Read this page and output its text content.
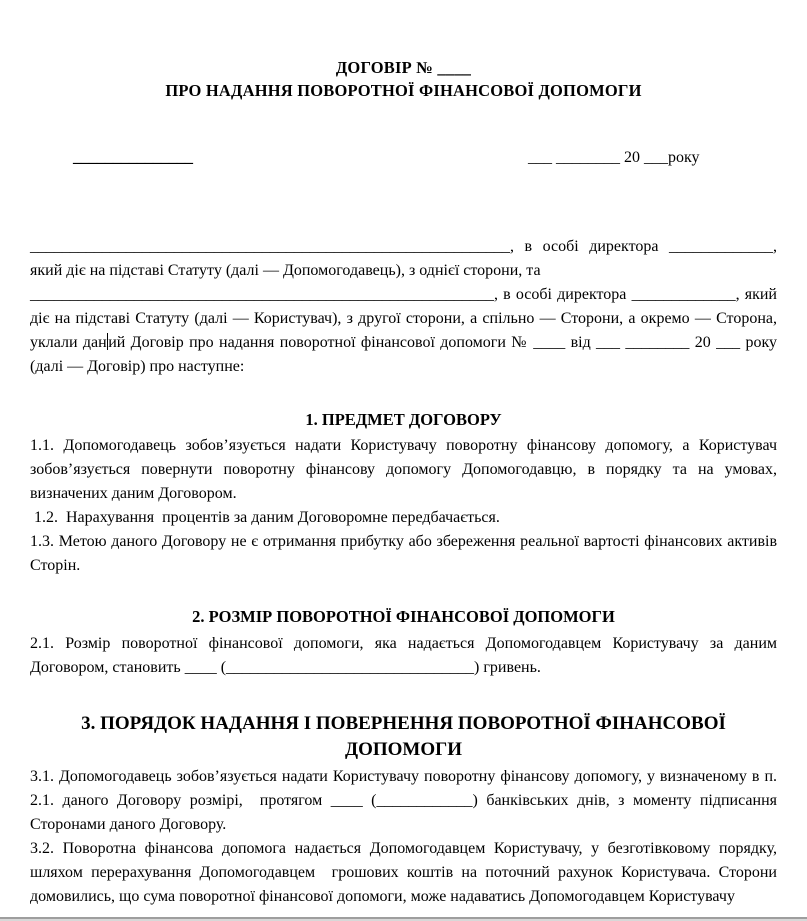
ДОГОВІР № ____
ПРО НАДАННЯ ПОВОРОТНОЇ ФІНАНСОВОЇ ДОПОМОГИ
_______________	___ ________ 20 ___року

____________________________________________________________, в особі директора _____________, який діє на підставі Статуту (далі — Допомогодавець), з однієї сторони, та

__________________________________________________________, в особі директора _____________, який діє на підставі Статуту (далі — Користувач), з другої сторони, а спільно — Сторони, а окремо — Сторона, уклали даний Договір про надання поворотної фінансової допомоги № ____ від ___ ________ 20 ___ року (далі — Договір) про наступне:

1. ПРЕДМЕТ ДОГОВОРУ

1.1. Допомогодавець зобов’язується надати Користувачу поворотну фінансову допомогу, а Користувач зобов’язується повернути поворотну фінансову допомогу Допомогодавцю, в порядку та на умовах, визначених даним Договором.

1.2.  Нарахування  процентів за даним Договоромне передбачається.

1.3. Метою даного Договору не є отримання прибутку або збереження реальної вартості фінансових активів Сторін.

2. РОЗМІР ПОВОРОТНОЇ ФІНАНСОВОЇ ДОПОМОГИ

2.1. Розмір поворотної фінансової допомоги, яка надається Допомогодавцем Користувачу за даним Договором, становить ____ (_______________________________) гривень.

3. ПОРЯДОК НАДАННЯ І ПОВЕРНЕННЯ ПОВОРОТНОЇ ФІНАНСОВОЇ ДОПОМОГИ

3.1. Допомогодавець зобов’язується надати Користувачу поворотну фінансову допомогу, у визначеному в п. 2.1. даного Договору розмірі,  протягом ____ (____________) банківських днів, з моменту підписання Сторонами даного Договору.

3.2. Поворотна фінансова допомога надається Допомогодавцем Користувачу, у безготівковому порядку, шляхом перерахування Допомогодавцем  грошових коштів на поточний рахунок Користувача. Сторони домовились, що сума поворотної фінансової допомоги, може надаватись Допомогодавцем Користувачу
